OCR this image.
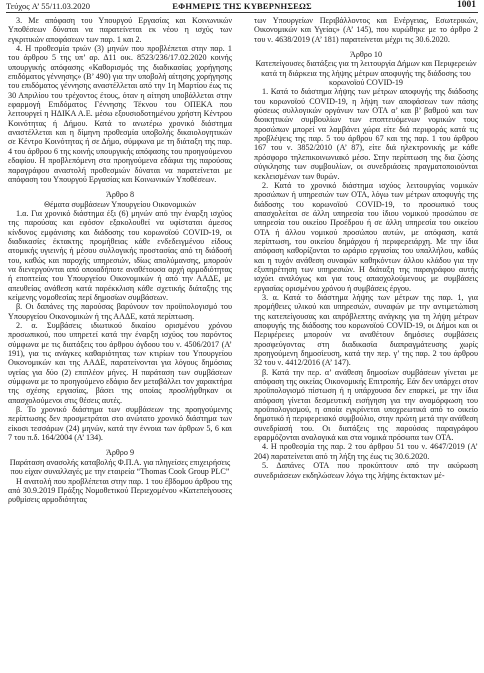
Τεύχος A’ 55/11.03.2020	ΕΦΗΜΕΡΙΣ ΤΗΣ ΚΥΒΕΡΝΗΣΕΩΣ	1001

3. Με απόφαση του Υπουργού Εργασίας και Κοινωνικών Υποθέσεων δύναται να παρατείνεται εκ νέου η ισχύς των εγκριτικών αποφάσεων των παρ. 1 και 2.

4. Η προθεσμία τριών (3) μηνών που προβλέπεται στην παρ. 1 του άρθρου 5 της υπ’ αρ. Δ11 οικ. 8523/236/17.02.2020 κοινής υπουργικής απόφασης «Καθορισμός της διαδικασίας χορήγησης επιδόματος γέννησης» (Β’ 490) για την υποβολή αίτησης χορήγησης του επιδόματος γέννησης αναστέλλεται από την 1η Μαρτίου έως τις 30 Απριλίου του τρέχοντος έτους, όταν η αίτηση υποβάλλεται στην εφαρμογή Επιδόματος Γέννησης Τέκνου του ΟΠΕΚΑ που λειτουργεί η ΗΔΙΚΑ Α.Ε. μέσω εξουσιοδοτημένου χρήστη Κέντρου Κοινότητας ή Δήμου. Κατά το ανωτέρω χρονικό διάστημα αναστέλλεται και η δίμηνη προθεσμία υποβολής δικαιολογητικών σε Κέντρο Κοινότητας ή σε Δήμο, σύμφωνα με τη διάταξη της παρ. 4 του άρθρου 6 της κοινής υπουργικής απόφασης του προηγούμενου εδαφίου. Η προβλεπόμενη στα προηγούμενα εδάφια της παρούσας παραγράφου αναστολή προθεσμιών δύναται να παρατείνεται με απόφαση του Υπουργού Εργασίας και Κοινωνικών Υποθέσεων.

Άρθρο 8

Θέματα συμβάσεων Υπουργείου Οικονομικών

1.α. Για χρονικό διάστημα έξι (6) μηνών από την έναρξη ισχύος της παρούσας και εφόσον εξακολουθεί να υφίσταται άμεσος κίνδυνος εμφάνισης και διάδοσης του κορωνοϊού COVID-19, οι διαδικασίες έκτακτης προμήθειας κάθε ενδεδειγμένου είδους ατομικής υγιεινής ή μέσου συλλογικής προστασίας από τη διάδοσή του, καθώς και παροχής υπηρεσιών, ιδίως απολύμανσης, μπορούν να διενεργούνται από οποιαδήποτε αναθέτουσα αρχή αρμοδιότητας ή εποπτείας του Υπουργείου Οικονομικών ή από την ΑΑΔΕ, με απευθείας ανάθεση κατά παρέκκλιση κάθε σχετικής διάταξης της κείμενης νομοθεσίας περί δημοσίων συμβάσεων.

β. Οι δαπάνες της παρούσας βαρύνουν τον προϋπολογισμό του Υπουργείου Οικονομικών ή της ΑΑΔΕ, κατά περίπτωση.

2. α. Συμβάσεις ιδιωτικού δικαίου ορισμένου χρόνου προσωπικού, που υπηρετεί κατά την έναρξη ισχύος του παρόντος σύμφωνα με τις διατάξεις του άρθρου όγδοου του ν. 4506/2017 (Α’ 191), για τις ανάγκες καθαριότητας των κτιρίων του Υπουργείου Οικονομικών και της ΑΑΔΕ, παρατείνονται για λόγους δημόσιας υγείας για δύο (2) επιπλέον μήνες. Η παράταση των συμβάσεων σύμφωνα με το προηγούμενο εδάφιο δεν μεταβάλλει τον χαρακτήρα της σχέσης εργασίας, βάσει της οποίας προσλήφθηκαν οι απασχολούμενοι στις θέσεις αυτές.

β. Το χρονικό διάστημα των συμβάσεων της προηγούμενης περίπτωσης δεν προσμετράται στο ανώτατο χρονικό διάστημα των είκοσι τεσσάρων (24) μηνών, κατά την έννοια των άρθρων 5, 6 και 7 του π.δ. 164/2004 (Α’ 134).

Άρθρο 9

Παράταση ανασολής καταβολής Φ.Π.Α. για πληγείσες επιχειρήσεις που είχαν συναλλαγές με την εταιρεία “Thomas Cook Group PLC”

Η ανατολή που προβλέπεται στην παρ. 1 του έβδομου άρθρου της από 30.9.2019 Πράξης Νομοθετικού Περιεχομένου «Κατεπείγουσες ρυθμίσεις αρμοδιότητας

των Υπουργείων Περιβάλλοντος και Ενέργειας, Εσωτερικών, Οικονομικών και Υγείας» (Α’ 145), που κυρώθηκε με το άρθρο 2 του ν. 4638/2019 (Α’ 181) παρατείνεται μέχρι τις 30.6.2020.

Άρθρο 10

Κατεπείγουσες διατάξεις για τη λειτουργία Δήμων και Περιφερειών κατά τη διάρκεια της λήψης μέτρων αποφυγής της διάδοσης του κορωνοϊού COVID-19

1. Κατά το διάστημα λήψης των μέτρων αποφυγής της διάδοσης του κορωνοϊού COVID-19, η λήψη των αποφάσεων των πάσης φύσεως συλλογικών οργάνων των ΟΤΑ α’ και β’ βαθμού και των διοικητικών συμβουλίων των εποπτευόμενων νομικών τους προσώπων μπορεί να λαμβάνει χώρα είτε διά περιφοράς κατά τις προβλέψεις της παρ. 5 του άρθρου 67 και της παρ. 1 του άρθρου 167 του ν. 3852/2010 (Α’ 87), είτε διά ηλεκτρονικής με κάθε πρόσφορο τηλεπικοινωνιακό μέσο. Στην περίπτωση της δια ζώσης σύγκλησης των συμβουλίων, οι συνεδριάσεις πραγματοποιούνται κεκλεισμένων των θυρών.

2. Κατά το χρονικό διάστημα ισχύος λειτουργίας νομικών προσώπων ή υπηρεσιών των ΟΤΑ, λόγω των μέτρων αποφυγής της διάδοσης του κορωνοϊού COVID-19, το προσωπικό τους απασχολείται σε άλλη υπηρεσία του ίδιου νομικού προσώπου σε υπηρεσία του οικείου Προέδρου ή σε άλλη υπηρεσία του οικείου ΟΤΑ ή άλλου νομικού προσώπου αυτών, με απόφαση, κατά περίπτωση, του οικείου δημάρχου ή περιφερειάρχη. Με την ίδια απόφαση καθορίζονται το ωράριο εργασίας του υπαλλήλου, καθώς και η τυχόν ανάθεση συναφών καθηκόντων άλλου κλάδου για την εξυπηρέτηση των υπηρεσιών. Η διάταξη της παραγράφου αυτής ισχύει αναλόγως και για τους απασχολούμενους με συμβάσεις εργασίας ορισμένου χρόνου ή συμβάσεις έργου.

3. α. Κατά το διάστημα λήψης των μέτρων της παρ. 1, για προμήθειες υλικού και υπηρεσιών, συναφών με την αντιμετώπιση της κατεπείγουσας και απρόβλεπτης ανάγκης για τη λήψη μέτρων αποφυγής της διάδοσης του κορωνοϊού COVID-19, οι Δήμοι και οι Περιφέρειες μπορούν να αναθέτουν δημόσιες συμβάσεις προσφεύγοντας στη διαδικασία διαπραγμάτευσης χωρίς προηγούμενη δημοσίευση, κατά την περ. γ’ της παρ. 2 του άρθρου 32 του ν. 4412/2016 (Α’ 147).

β. Κατά την περ. α’ ανάθεση δημοσίων συμβάσεων γίνεται με απόφαση της οικείας Οικονομικής Επιτροπής. Εάν δεν υπάρχει στον προϋπολογισμό πίστωση ή η υπάρχουσα δεν επαρκεί, με την ίδια απόφαση γίνεται δεσμευτική εισήγηση για την αναμόρφωση του προϋπολογισμού, η οποία εγκρίνεται υποχρεωτικά από το οικείο δημοτικό ή περιφερειακό συμβούλιο, στην πρώτη μετά την ανάθεση συνεδρίασή του. Οι διατάξεις της παρούσας παραγράφου εφαρμόζονται αναλογικά και στα νομικά πρόσωπα των ΟΤΑ.

4. Η προθεσμία της παρ. 2 του άρθρου 51 του ν. 4647/2019 (Α’ 204) παρατείνεται από τη λήξη της έως τις 30.6.2020.

5. Δαπάνες ΟΤΑ που προκύπτουν από την ακύρωση συνεδριάσεων εκδηλώσεων λόγω της λήψης έκτακτων μέ-
